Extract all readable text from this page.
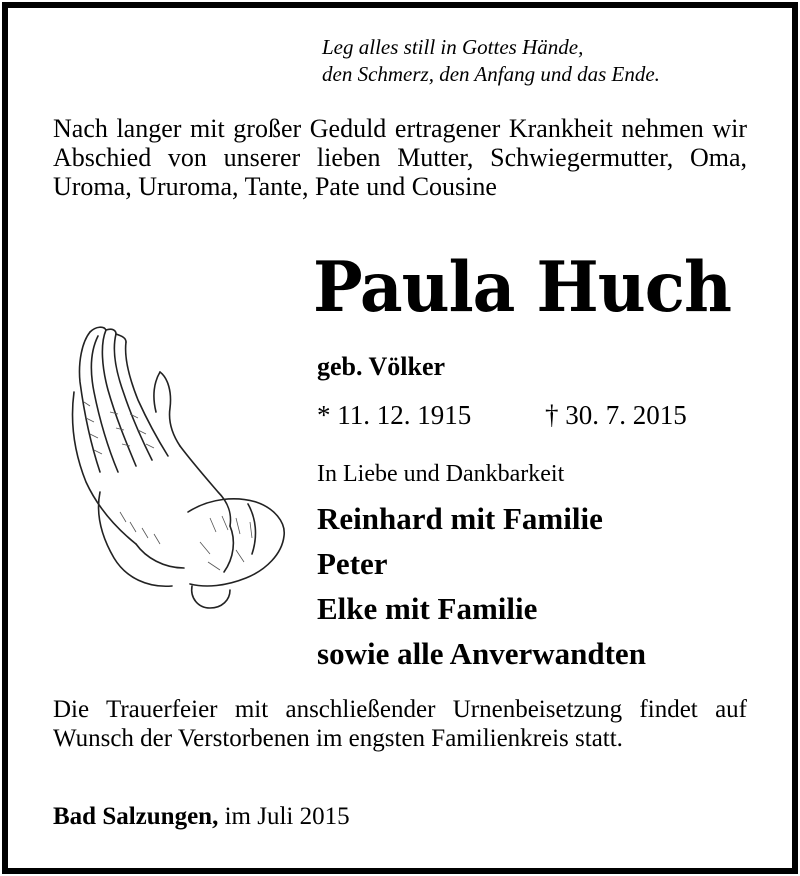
Leg alles still in Gottes Hände,
den Schmerz, den Anfang und das Ende.
Nach langer mit großer Geduld ertragener Krankheit nehmen wir Abschied von unserer lieben Mutter, Schwiegermutter, Oma, Uroma, Ururoma, Tante, Pate und Cousine
Paula Huch
geb. Völker
* 11. 12. 1915	† 30. 7. 2015
In Liebe und Dankbarkeit
Reinhard mit Familie
Peter
Elke mit Familie
sowie alle Anverwandten
Die Trauerfeier mit anschließender Urnenbeisetzung findet auf Wunsch der Verstorbenen im engsten Familienkreis statt.
Bad Salzungen, im Juli 2015
